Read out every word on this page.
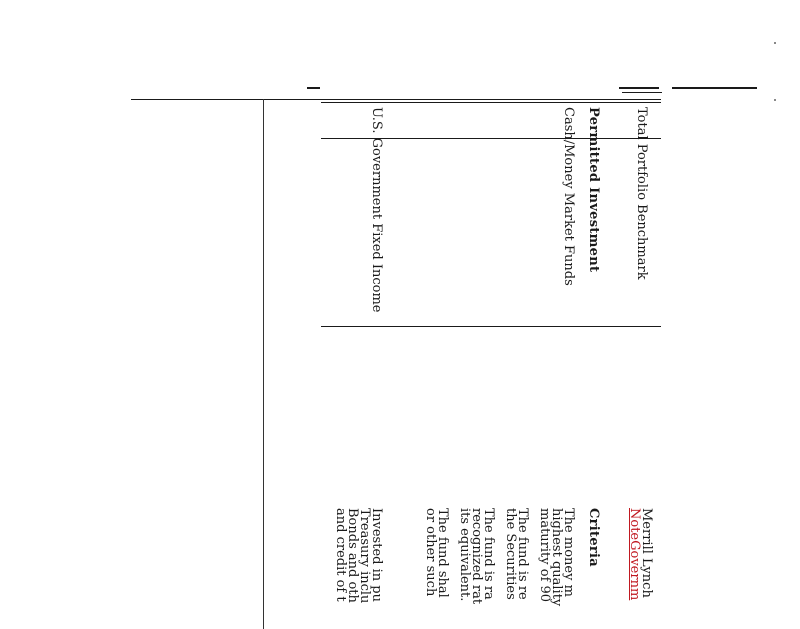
Total Portfolio Benchmark
Merrill Lynch
NoteGovernm
Permitted Investment
Criteria
Cash/Money Market Funds
The money m
highest quality
maturity of 90
The fund is re
the Securities
The fund is ra
recognized rat
its equivalent.
The fund shal
or other such
U.S. Government Fixed Income
Invested in pu
Treasury inclu
Bonds and oth
and credit of t
